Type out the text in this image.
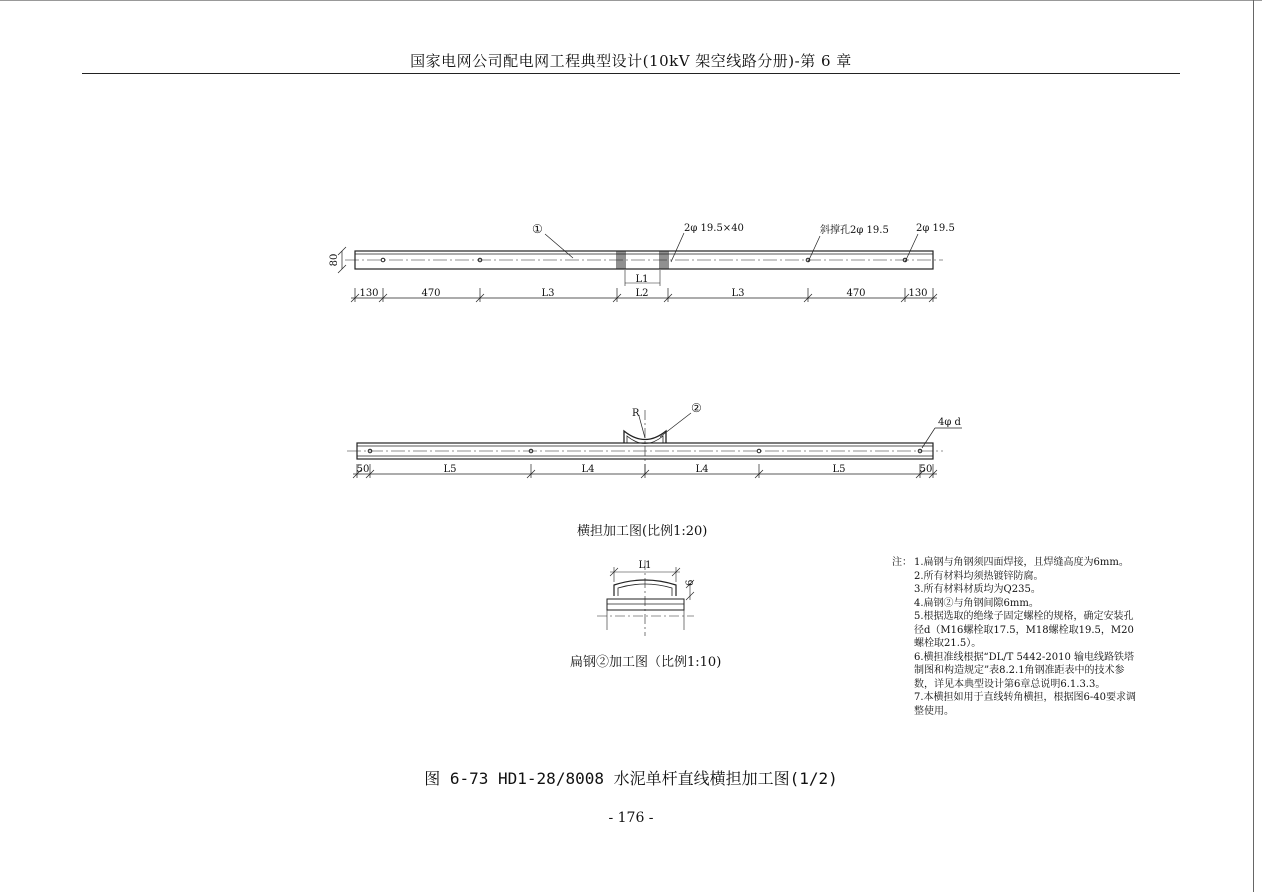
国家电网公司配电网工程典型设计(10kV 架空线路分册)-第 6 章
①	2φ 19.5×40	斜撑孔2φ 19.5	2φ 19.5
80
L1
130	470	L3	L2	L3	470	130
R	②
4φ d
50	L5	L4	L4	L5	50
L1
6
横担加工图(比例1:20)
扁钢②加工图（比例1:10)
注： 1.扁钢与角钢须四面焊接，且焊缝高度为6mm。
2.所有材料均须热镀锌防腐。
3.所有材料材质均为Q235。
4.扁钢②与角钢间隙6mm。
5.根据选取的绝缘子固定螺栓的规格，确定安装孔径d（M16螺栓取17.5，M18螺栓取19.5，M20螺栓取21.5）。
6.横担准线根据“DL/T 5442-2010 输电线路铁塔制图和构造规定”表8.2.1角钢准距表中的技术参数，详见本典型设计第6章总说明6.1.3.3。
7.本横担如用于直线转角横担，根据图6-40要求调整使用。
图 6-73 HD1-28/8008 水泥单杆直线横担加工图(1/2)
- 176 -
